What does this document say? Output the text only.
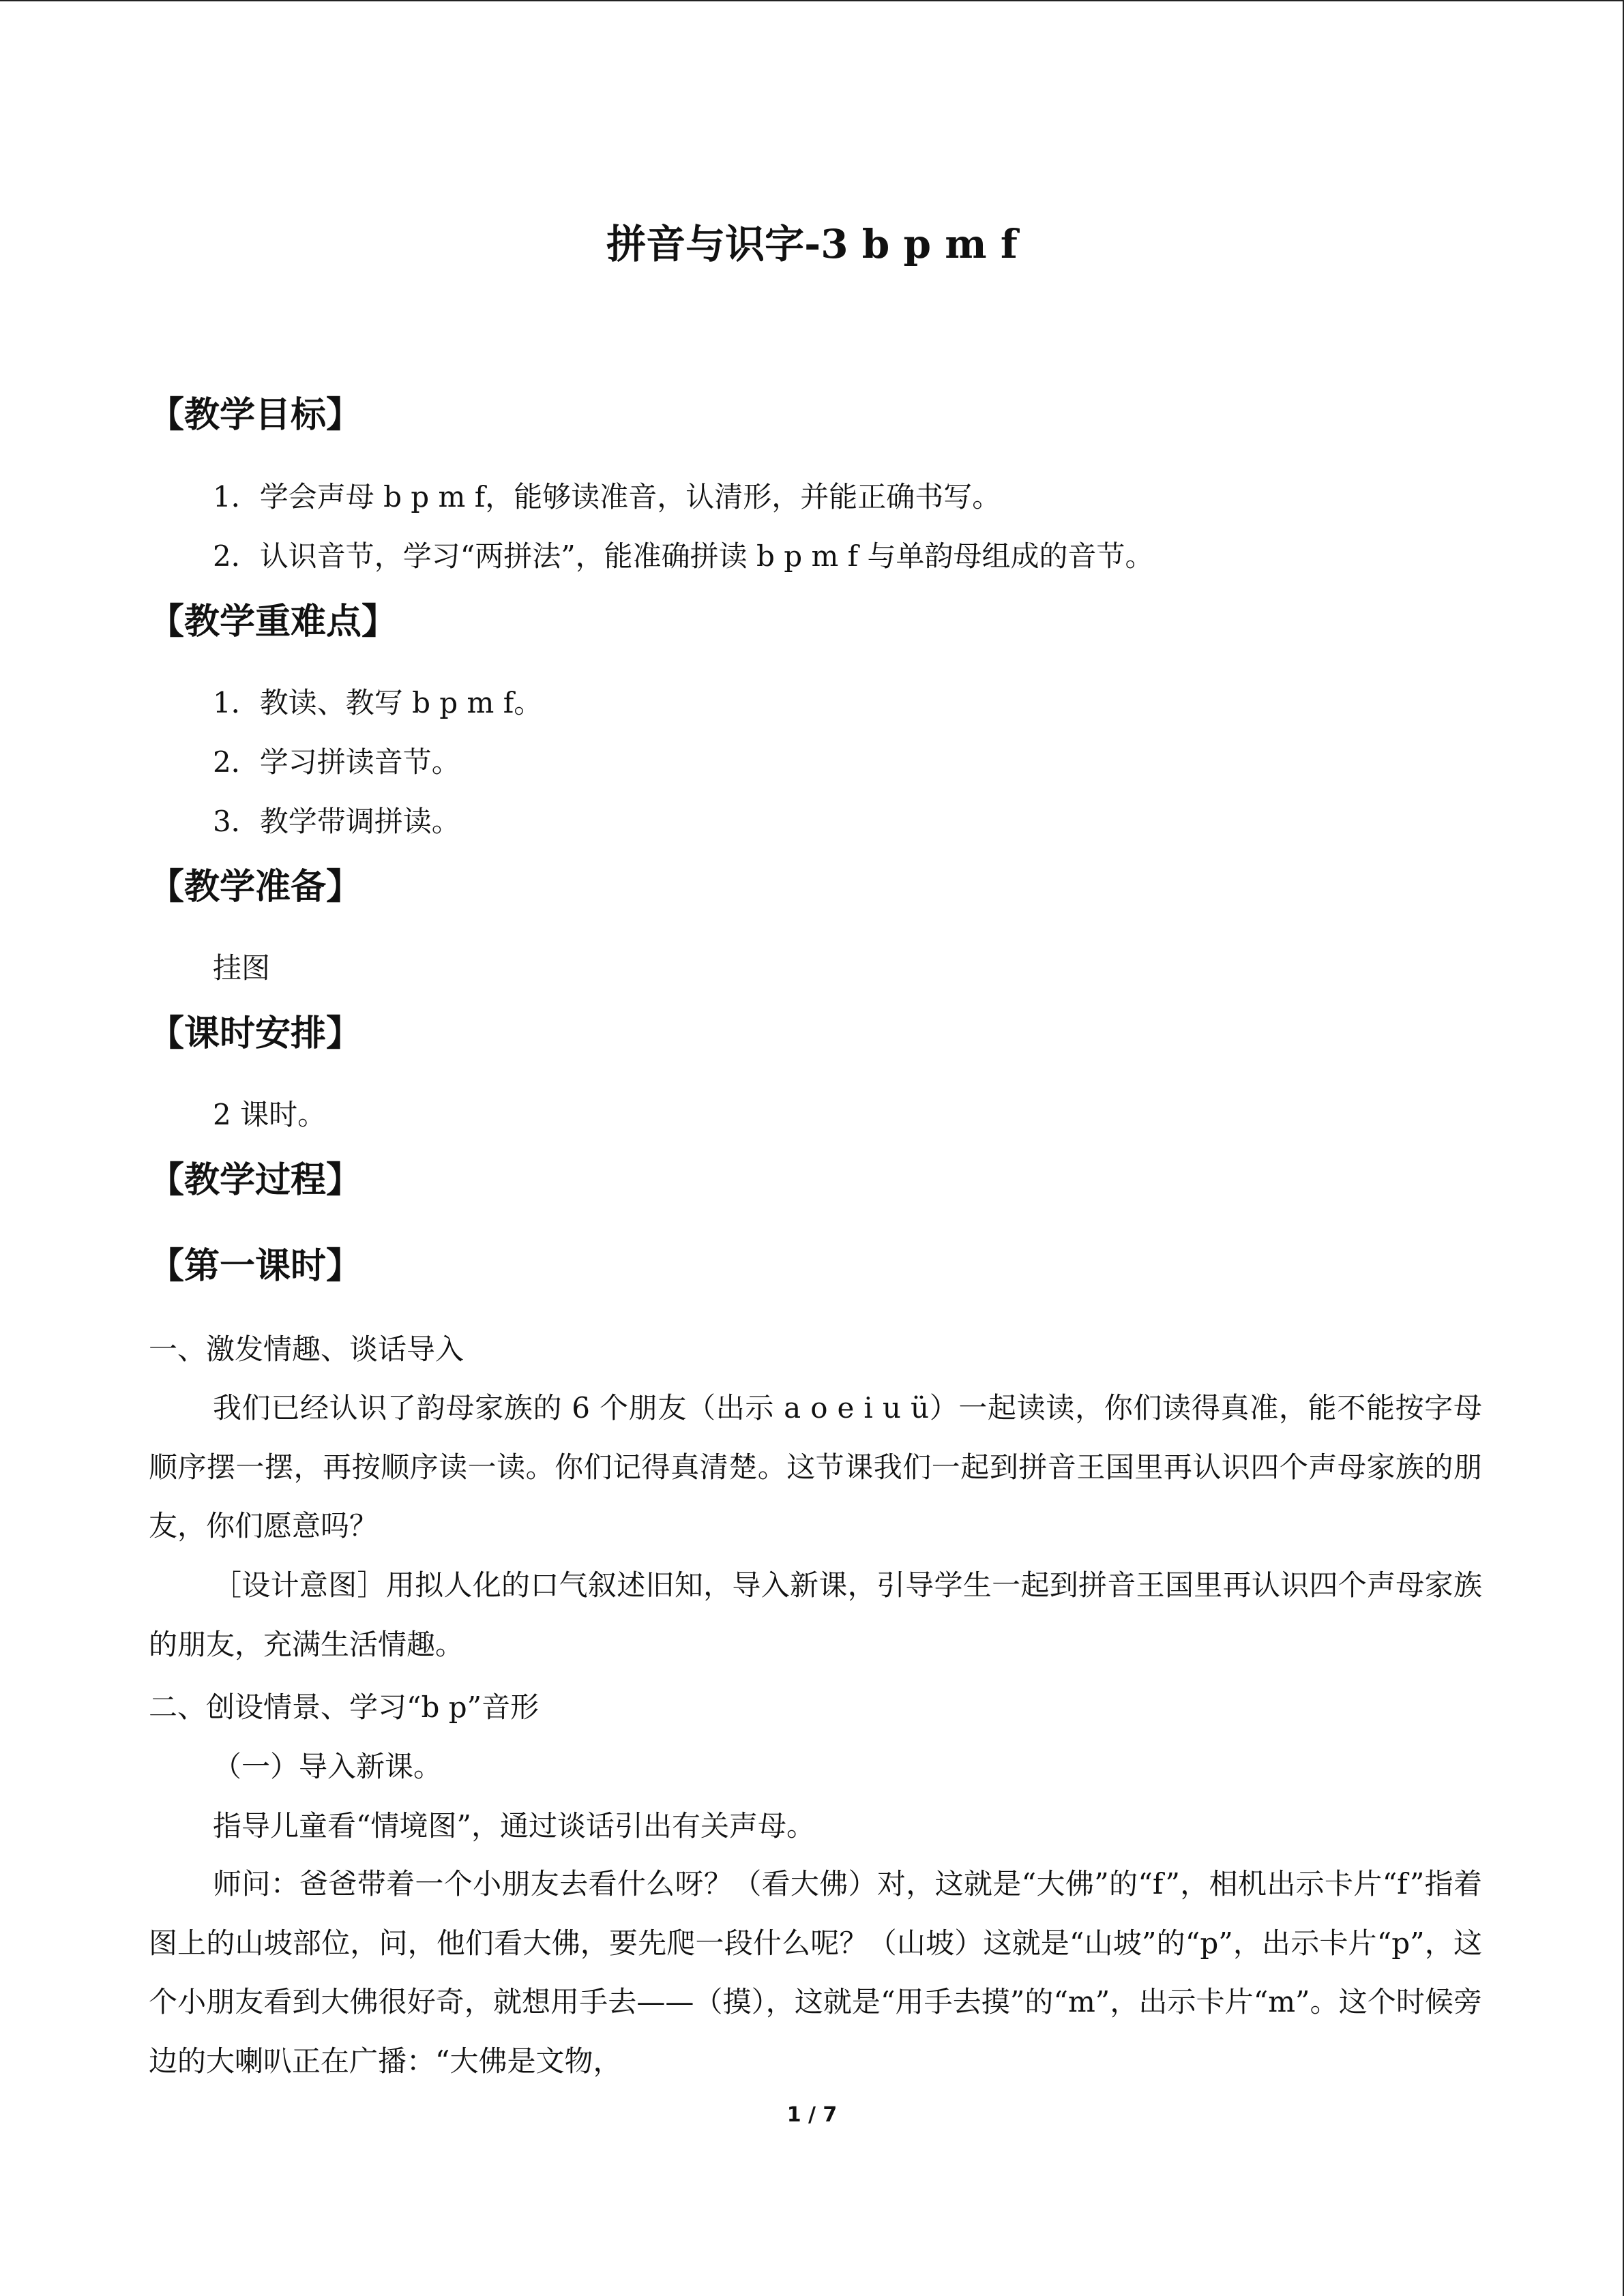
拼音与识字-3 b p m f
【教学目标】

1．学会声母 b p m f，能够读准音，认清形，并能正确书写。

2．认识音节，学习“两拼法”，能准确拼读 b p m f 与单韵母组成的音节。

【教学重难点】

1．教读、教写 b p m f。

2．学习拼读音节。

3．教学带调拼读。

【教学准备】

挂图

【课时安排】

2 课时。

【教学过程】
【第一课时】

一、激发情趣、谈话导入

我们已经认识了韵母家族的 6 个朋友（出示 a o e i u ü）一起读读，你们读得真准，能不能按字母顺序摆一摆，再按顺序读一读。你们记得真清楚。这节课我们一起到拼音王国里再认识四个声母家族的朋友，你们愿意吗？

［设计意图］用拟人化的口气叙述旧知，导入新课，引导学生一起到拼音王国里再认识四个声母家族的朋友，充满生活情趣。

二、创设情景、学习“b p”音形

（一）导入新课。

指导儿童看“情境图”，通过谈话引出有关声母。

师问：爸爸带着一个小朋友去看什么呀？（看大佛）对，这就是“大佛”的“f”，相机出示卡片“f”指着图上的山坡部位，问，他们看大佛，要先爬一段什么呢？（山坡）这就是“山坡”的“p”，出示卡片“p”，这个小朋友看到大佛很好奇，就想用手去——（摸），这就是“用手去摸”的“m”，出示卡片“m”。这个时候旁边的大喇叭正在广播：“大佛是文物，

1 / 7
